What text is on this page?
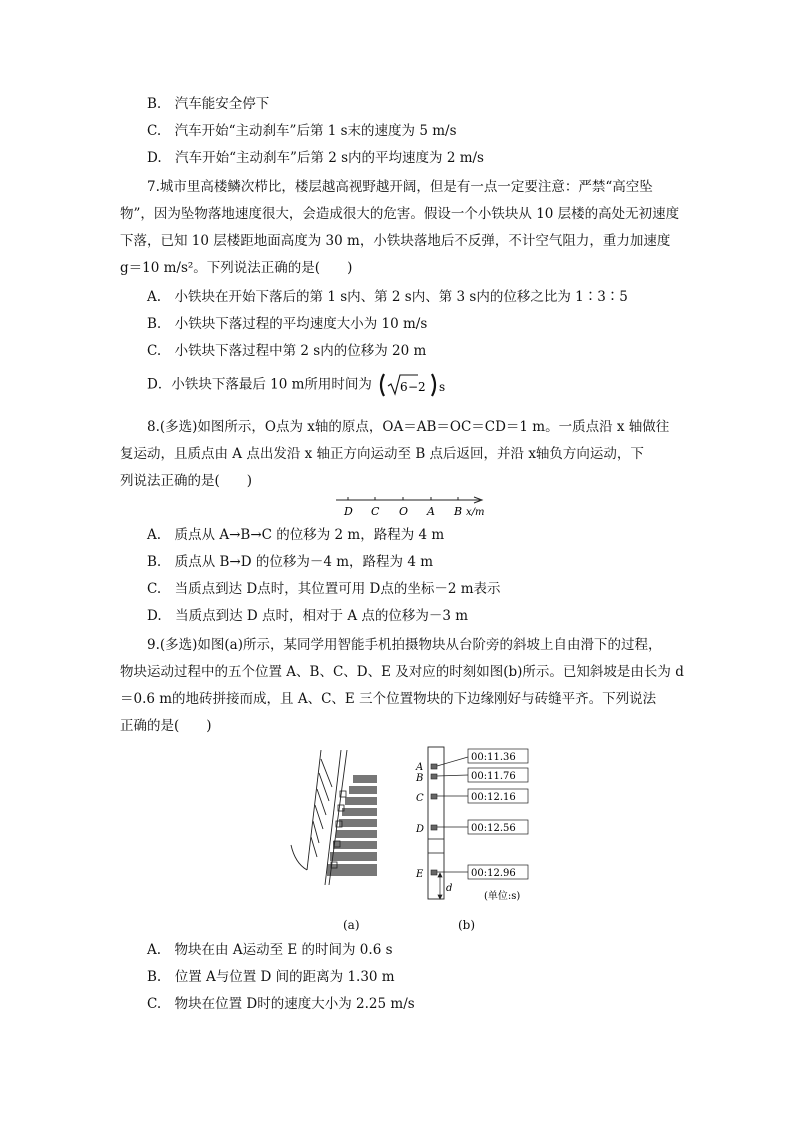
B.　汽车能安全停下
C.　汽车开始“主动刹车”后第 1 s末的速度为 5 m/s
D.　汽车开始“主动刹车”后第 2 s内的平均速度为 2 m/s
7.城市里高楼鳞次栉比，楼层越高视野越开阔，但是有一点一定要注意：严禁“高空坠
物”，因为坠物落地速度很大，会造成很大的危害。假设一个小铁块从 10 层楼的高处无初速度
下落，已知 10 层楼距地面高度为 30 m，小铁块落地后不反弹，不计空气阻力，重力加速度
g＝10 m/s²。下列说法正确的是(　　)
A.　小铁块在开始下落后的第 1 s内、第 2 s内、第 3 s内的位移之比为 1∶3∶5
B.　小铁块下落过程的平均速度大小为 10 m/s
C.　小铁块下落过程中第 2 s内的位移为 20 m
D．小铁块下落最后 10 m所用时间为 6 −2 s
8.(多选)如图所示，O点为 x轴的原点，OA＝AB＝OC＝CD＝1 m。一质点沿 x 轴做往
复运动，且质点由 A 点出发沿 x 轴正方向运动至 B 点后返回，并沿 x轴负方向运动，下
列说法正确的是(　　)
D C O A B x/m
A.　质点从 A→B→C 的位移为 2 m，路程为 4 m
B.　质点从 B→D 的位移为－4 m，路程为 4 m
C.　当质点到达 D点时，其位置可用 D点的坐标－2 m表示
D.　当质点到达 D 点时，相对于 A 点的位移为－3 m
9.(多选)如图(a)所示，某同学用智能手机拍摄物块从台阶旁的斜坡上自由滑下的过程，
物块运动过程中的五个位置 A、B、C、D、E 及对应的时刻如图(b)所示。已知斜坡是由长为 d
＝0.6 m的地砖拼接而成，且 A、C、E 三个位置物块的下边缘刚好与砖缝平齐。下列说法
正确的是(　　)
A
B
C
D
E
00:11.36
00:11.76
00:12.16
00:12.56
00:12.96
d
(单位:s)
(a)	(b)
A.　物块在由 A运动至 E 的时间为 0.6 s
B.　位置 A与位置 D 间的距离为 1.30 m
C.　物块在位置 D时的速度大小为 2.25 m/s
